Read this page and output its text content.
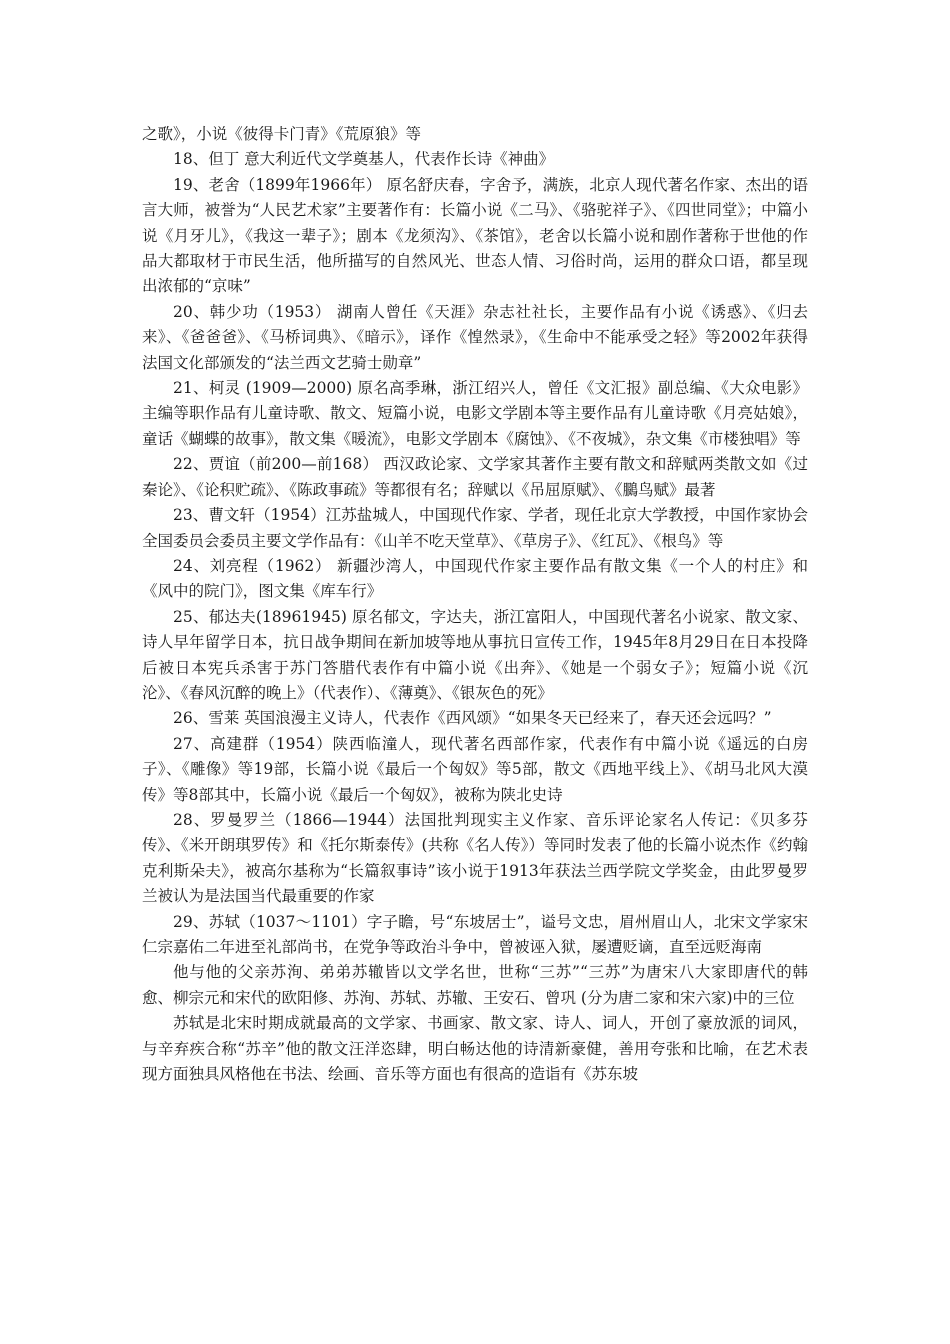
之歌》，小说《彼得卡门青》《荒原狼》等

18、但丁 意大利近代文学奠基人，代表作长诗《神曲》

19、老舍（1899年1966年） 原名舒庆春，字舍予，满族，北京人现代著名作家、杰出的语言大师，被誉为“人民艺术家”主要著作有：长篇小说《二马》、《骆驼祥子》、《四世同堂》；中篇小说《月牙儿》，《我这一辈子》；剧本《龙须沟》、《茶馆》，老舍以长篇小说和剧作著称于世他的作品大都取材于市民生活，他所描写的自然风光、世态人情、习俗时尚，运用的群众口语，都呈现出浓郁的“京味”

20、韩少功（1953） 湖南人曾任《天涯》杂志社社长，主要作品有小说《诱惑》、《归去来》、《爸爸爸》、《马桥词典》、《暗示》，译作《惶然录》，《生命中不能承受之轻》等2002年获得法国文化部颁发的“法兰西文艺骑士勋章”

21、柯灵 (1909—2000) 原名高季琳，浙江绍兴人，曾任《文汇报》副总编、《大众电影》主编等职作品有儿童诗歌、散文、短篇小说，电影文学剧本等主要作品有儿童诗歌《月亮姑娘》，童话《蝴蝶的故事》，散文集《暖流》，电影文学剧本《腐蚀》、《不夜城》，杂文集《市楼独唱》等

22、贾谊（前200—前168） 西汉政论家、文学家其著作主要有散文和辞赋两类散文如《过秦论》、《论积贮疏》、《陈政事疏》等都很有名；辞赋以《吊屈原赋》、《鵩鸟赋》最著

23、曹文轩（1954）江苏盐城人，中国现代作家、学者，现任北京大学教授，中国作家协会全国委员会委员主要文学作品有：《山羊不吃天堂草》、《草房子》、《红瓦》、《根鸟》等

24、刘亮程（1962） 新疆沙湾人，中国现代作家主要作品有散文集《一个人的村庄》和《风中的院门》，图文集《库车行》

25、郁达夫(18961945) 原名郁文，字达夫，浙江富阳人，中国现代著名小说家、散文家、诗人早年留学日本，抗日战争期间在新加坡等地从事抗日宣传工作，1945年8月29日在日本投降后被日本宪兵杀害于苏门答腊代表作有中篇小说《出奔》、《她是一个弱女子》；短篇小说《沉沦》、《春风沉醉的晚上》（代表作）、《薄奠》、《银灰色的死》

26、雪莱 英国浪漫主义诗人，代表作《西风颂》“如果冬天已经来了，春天还会远吗？”

27、高建群（1954）陕西临潼人，现代著名西部作家，代表作有中篇小说《遥远的白房子》、《雕像》等19部，长篇小说《最后一个匈奴》等5部，散文《西地平线上》、《胡马北风大漠传》等8部其中，长篇小说《最后一个匈奴》，被称为陕北史诗

28、罗曼罗兰（1866—1944）法国批判现实主义作家、音乐评论家名人传记：《贝多芬传》、《米开朗琪罗传》和《托尔斯泰传》(共称《名人传》）等同时发表了他的长篇小说杰作《约翰克利斯朵夫》，被高尔基称为“长篇叙事诗”该小说于1913年获法兰西学院文学奖金，由此罗曼罗兰被认为是法国当代最重要的作家

29、苏轼（1037～1101）字子瞻，号“东坡居士”，谥号文忠，眉州眉山人，北宋文学家宋仁宗嘉佑二年进至礼部尚书，在党争等政治斗争中，曾被诬入狱，屡遭贬谪，直至远贬海南

他与他的父亲苏洵、弟弟苏辙皆以文学名世，世称“三苏”“三苏”为唐宋八大家即唐代的韩愈、柳宗元和宋代的欧阳修、苏洵、苏轼、苏辙、王安石、曾巩 (分为唐二家和宋六家)中的三位

苏轼是北宋时期成就最高的文学家、书画家、散文家、诗人、词人，开创了豪放派的词风，与辛弃疾合称“苏辛”他的散文汪洋恣肆，明白畅达他的诗清新豪健，善用夸张和比喻，在艺术表现方面独具风格他在书法、绘画、音乐等方面也有很高的造诣有《苏东坡
